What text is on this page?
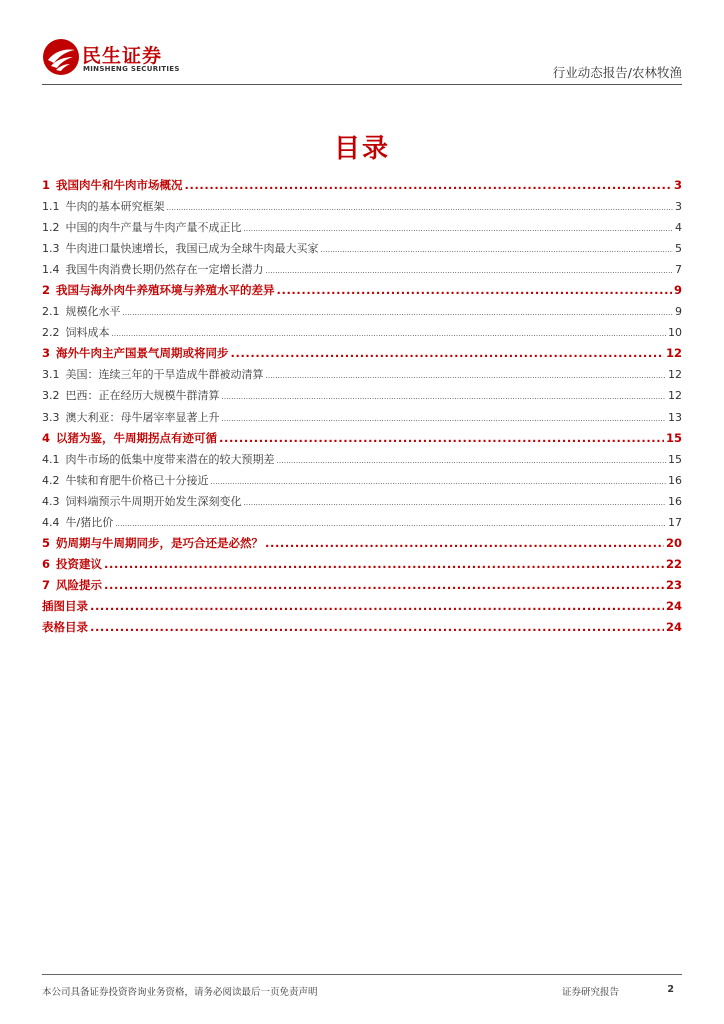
民生证券
MINSHENG SECURITIES	行业动态报告/农林牧渔
目录
1 我国肉牛和牛肉市场概况 .....	3
1.1 牛肉的基本研究框架 .....	3
1.2 中国的肉牛产量与牛肉产量不成正比 .....	4
1.3 牛肉进口量快速增长，我国已成为全球牛肉最大买家 .....	5
1.4 我国牛肉消费长期仍然存在一定增长潜力 .....	7
2 我国与海外肉牛养殖环境与养殖水平的差异 .....	9
2.1 规模化水平 .....	9
2.2 饲料成本 .....	10
3 海外牛肉主产国景气周期或将同步 .....	12
3.1 美国：连续三年的干旱造成牛群被动清算 .....	12
3.2 巴西：正在经历大规模牛群清算 .....	12
3.3 澳大利亚：母牛屠宰率显著上升 .....	13
4 以猪为鉴，牛周期拐点有迹可循 .....	15
4.1 肉牛市场的低集中度带来潜在的较大预期差 .....	15
4.2 牛犊和育肥牛价格已十分接近 .....	16
4.3 饲料端预示牛周期开始发生深刻变化 .....	16
4.4 牛/猪比价 .....	17
5 奶周期与牛周期同步，是巧合还是必然？ .....	20
6 投资建议 .....	22
7 风险提示 .....	23
插图目录 .....	24
表格目录 .....	24
本公司具备证券投资咨询业务资格，请务必阅读最后一页免责声明	证券研究报告	2
